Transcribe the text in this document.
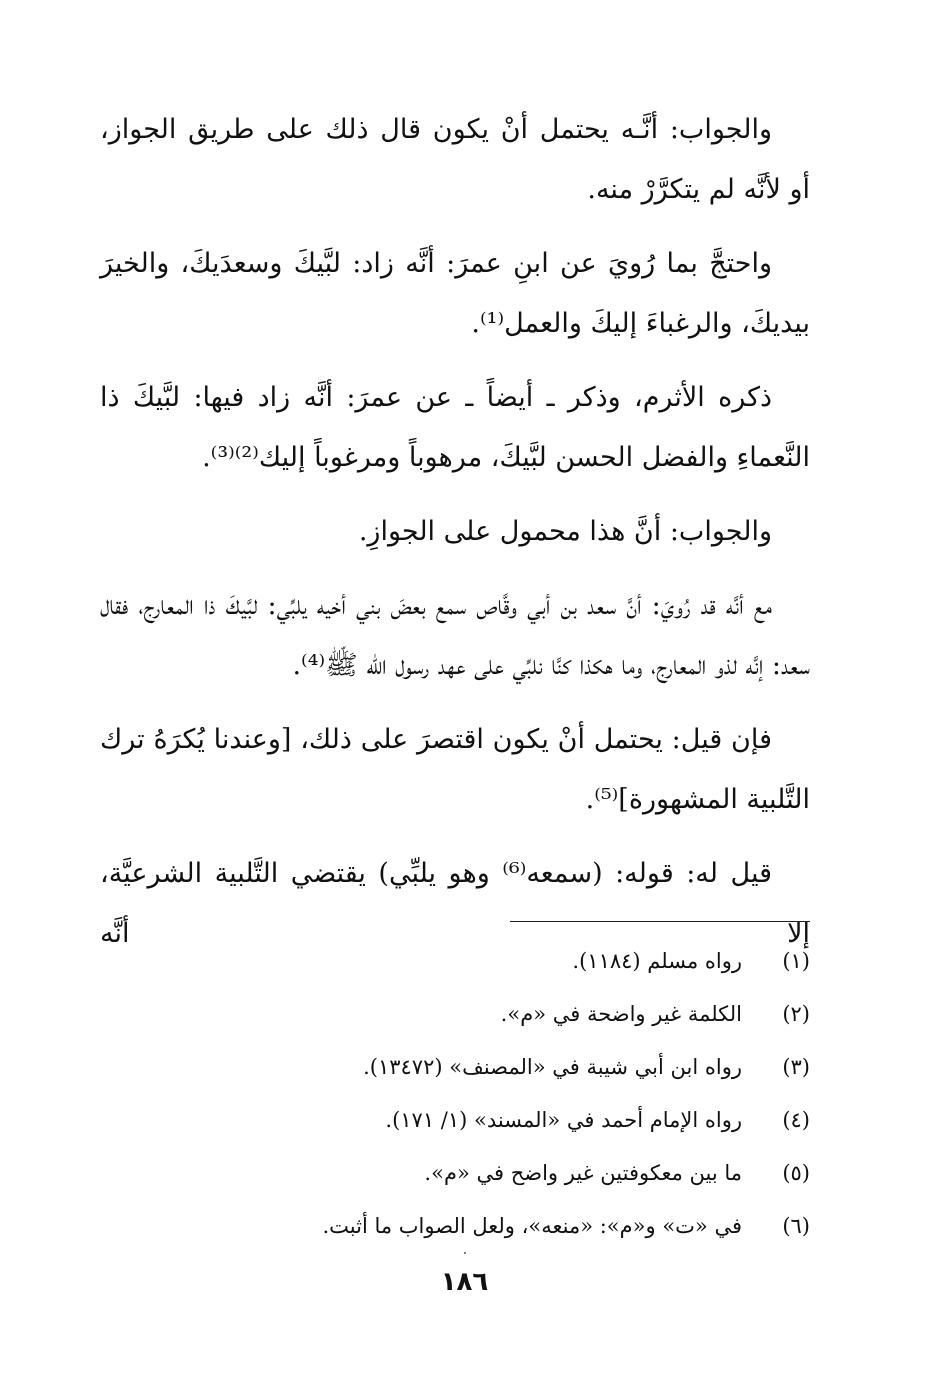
والجواب: أنَّـه يحتمل أنْ يكون قال ذلك على طريق الجواز، أو لأنَّه لم يتكرَّرْ منه.

واحتجَّ بما رُويَ عن ابنِ عمرَ: أنَّه زاد: لبَّيكَ وسعدَيكَ، والخيرَ بيديكَ، والرغباءَ إليكَ والعمل⁽¹⁾.

ذكره الأثرم، وذكر ـ أيضاً ـ عن عمرَ: أنَّه زاد فيها: لبَّيكَ ذا النَّعماءِ والفضل الحسن لبَّيكَ، مرهوباً ومرغوباً إليك⁽²⁾⁽³⁾.

والجواب: أنَّ هذا محمول على الجوازِ.

مع أنَّه قد رُويَ: أنَّ سعد بن أبي وقَّاص سمع بعضَ بني أخيه يلبِّي: لبَّيكَ ذا المعارج، فقال سعد: إنَّه لذو المعارج، وما هكذا كنَّا نلبِّي على عهد رسول الله ﷺ⁽⁴⁾.

فإن قيل: يحتمل أنْ يكون اقتصرَ على ذلك، [وعندنا يُكرَهُ ترك التَّلبية المشهورة]⁽⁵⁾.

قيل له: قوله: (سمعه⁽⁶⁾ وهو يلبِّي) يقتضي التَّلبية الشرعيَّة، إلا أنَّه

(١)
رواه مسلم (١١٨٤).
(٢)
الكلمة غير واضحة في «م».
(٣)
رواه ابن أبي شيبة في «المصنف» (١٣٤٧٢).
(٤)
رواه الإمام أحمد في «المسند» (١/ ١٧١).
(٥)
ما بين معكوفتين غير واضح في «م».
(٦)
في «ت» و«م»: «منعه»، ولعل الصواب ما أثبت.
١٨٦
